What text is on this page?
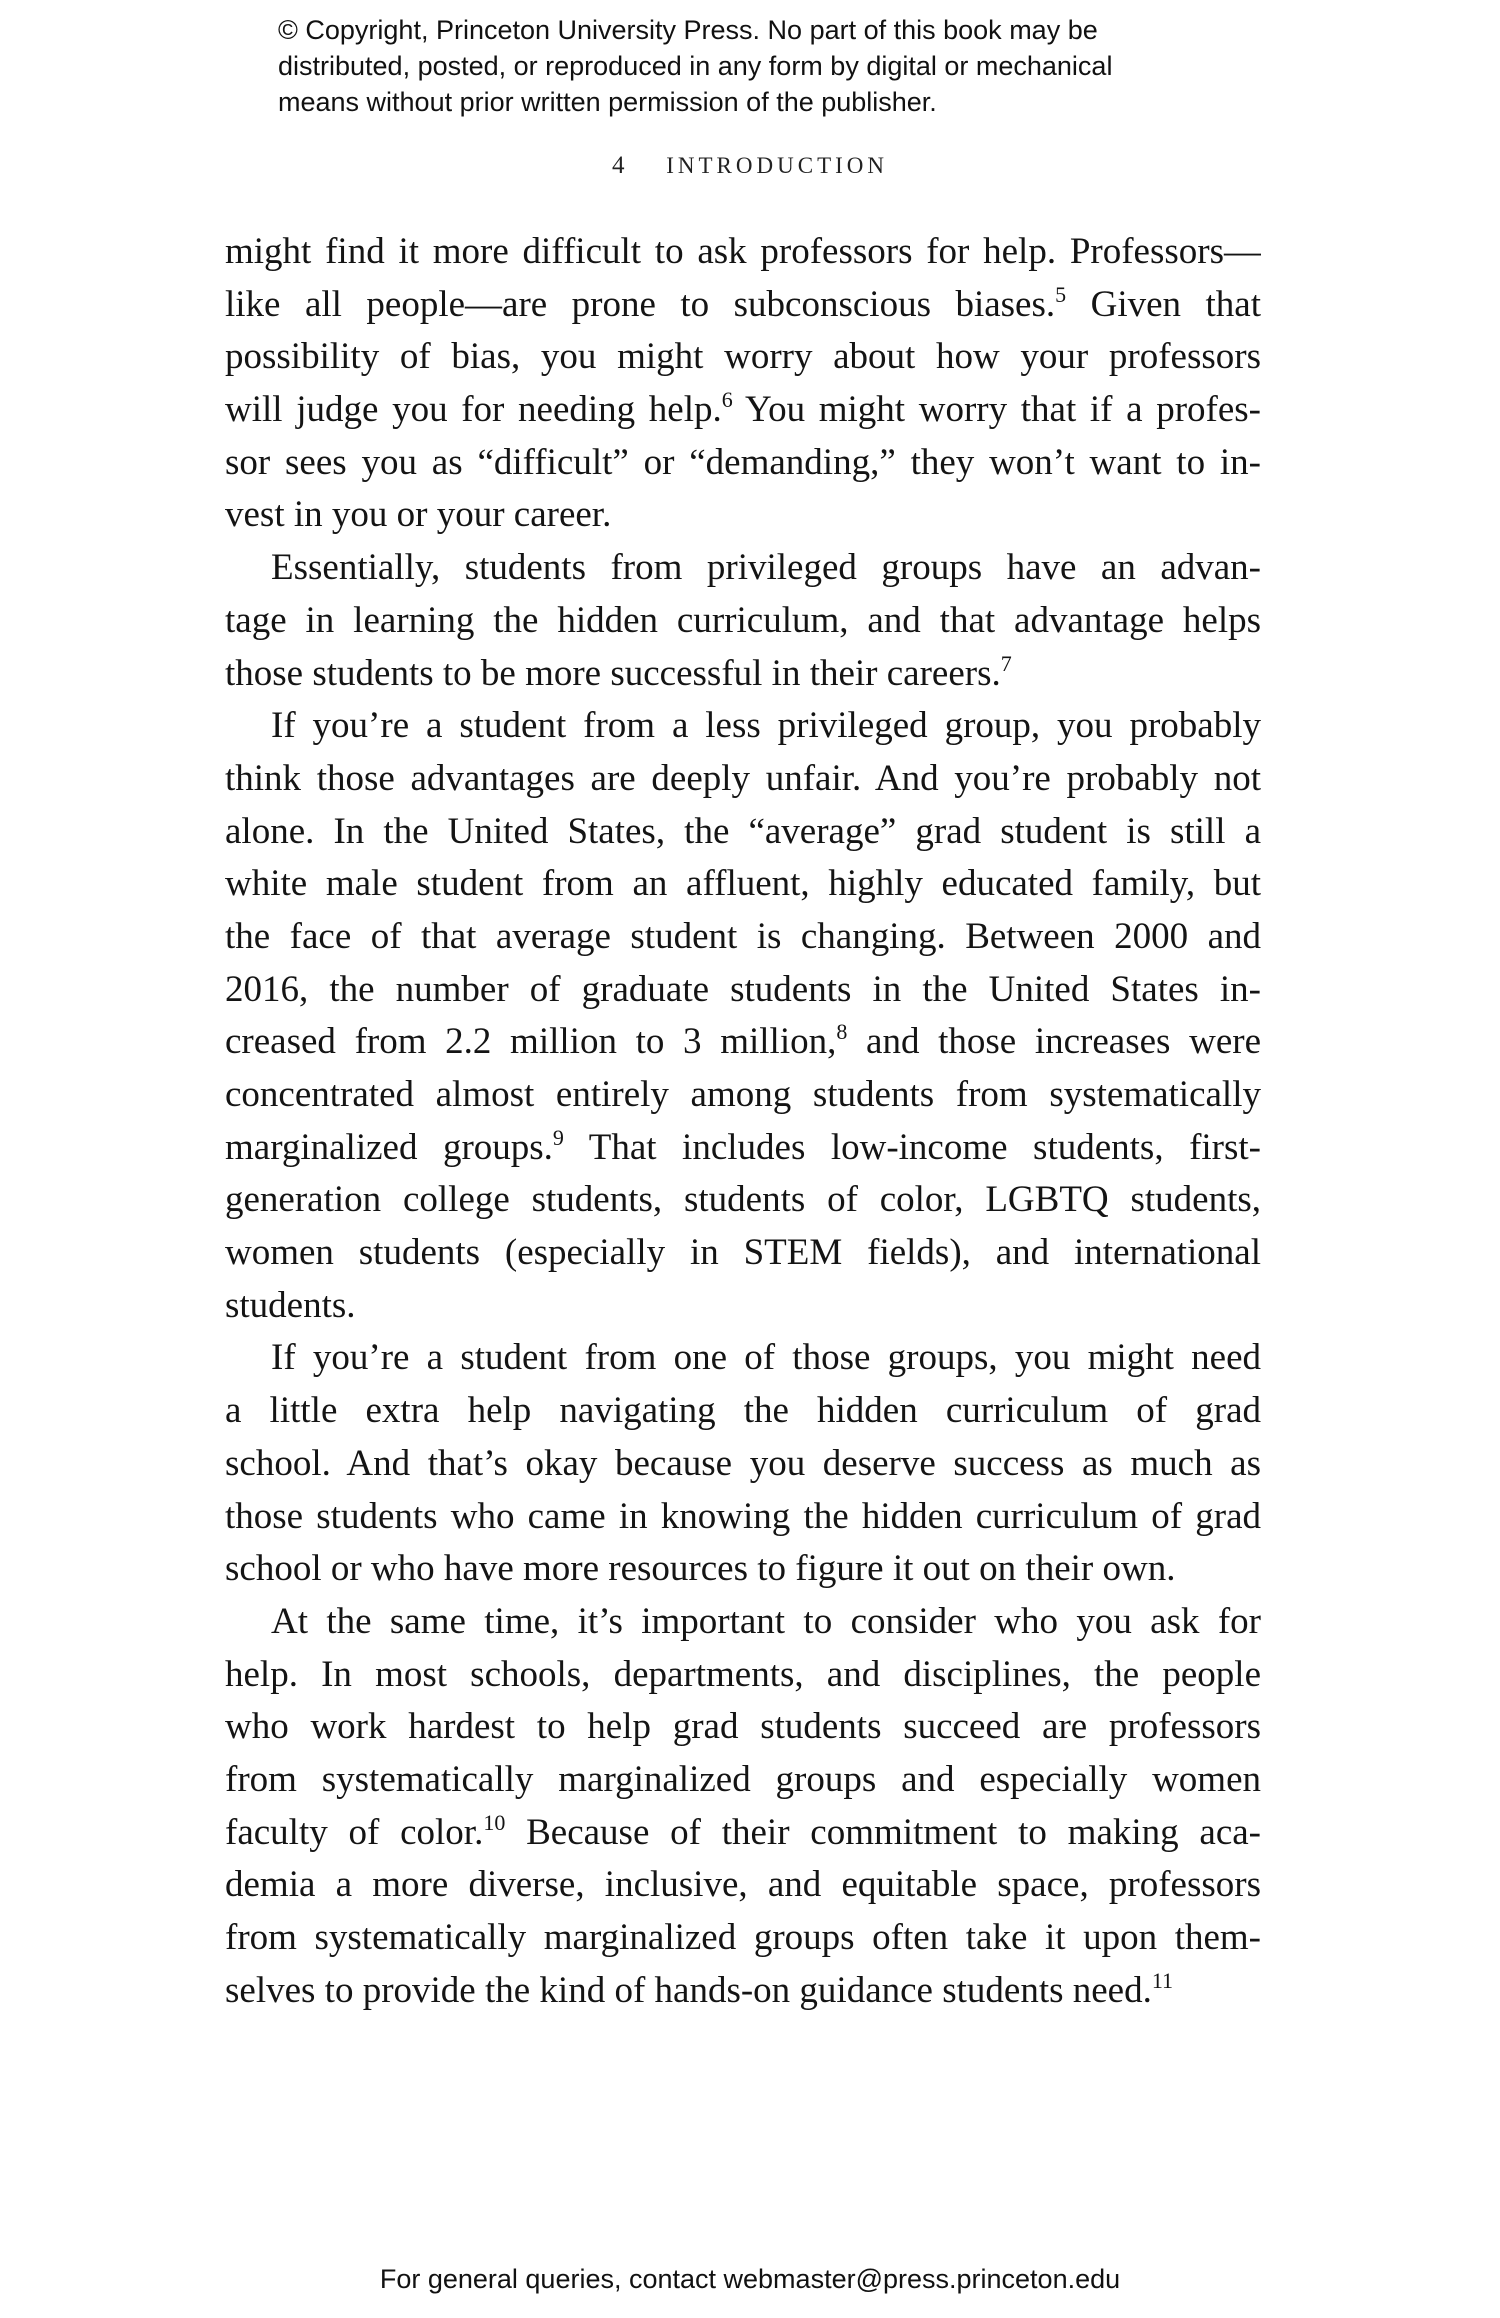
© Copyright, Princeton University Press. No part of this book may be
distributed, posted, or reproduced in any form by digital or mechanical
means without prior written permission of the publisher.
4 INTRODUCTION
might find it more difficult to ask professors for help. Professors—
like all people—are prone to subconscious biases.$^5$ Given that
possibility of bias, you might worry about how your professors
will judge you for needing help.$^6$ You might worry that if a profes-
sor sees you as “difficult” or “demanding,” they won’t want to in-
vest in you or your career.
Essentially, students from privileged groups have an advan-
tage in learning the hidden curriculum, and that advantage helps
those students to be more successful in their careers.$^7$
If you’re a student from a less privileged group, you probably
think those advantages are deeply unfair. And you’re probably not
alone. In the United States, the “average” grad student is still a
white male student from an affluent, highly educated family, but
the face of that average student is changing. Between 2000 and
2016, the number of graduate students in the United States in-
creased from 2.2 million to 3 million,$^8$ and those increases were
concentrated almost entirely among students from systematically
marginalized groups.$^9$ That includes low-income students, first-
generation college students, students of color, LGBTQ students,
women students (especially in STEM fields), and international
students.
If you’re a student from one of those groups, you might need
a little extra help navigating the hidden curriculum of grad
school. And that’s okay because you deserve success as much as
those students who came in knowing the hidden curriculum of grad
school or who have more resources to figure it out on their own.
At the same time, it’s important to consider who you ask for
help. In most schools, departments, and disciplines, the people
who work hardest to help grad students succeed are professors
from systematically marginalized groups and especially women
faculty of color.$^{10}$ Because of their commitment to making aca-
demia a more diverse, inclusive, and equitable space, professors
from systematically marginalized groups often take it upon them-
selves to provide the kind of hands-on guidance students need.$^{11}$
For general queries, contact webmaster@press.princeton.edu
